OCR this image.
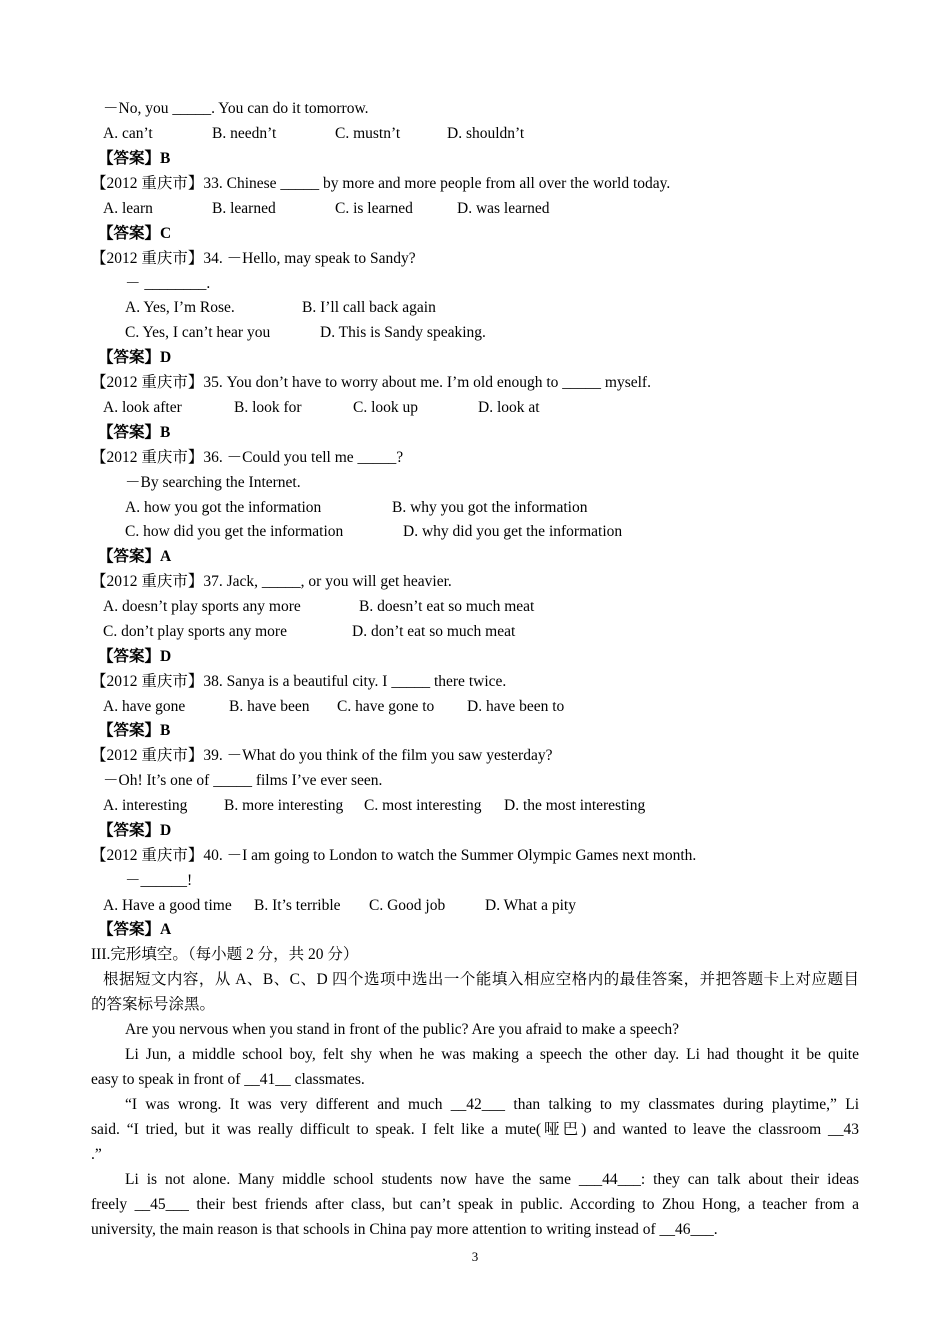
－No, you _____. You can do it tomorrow.

A. can’t	B. needn’t	C. mustn’t	D. shouldn’t

【答案】B

【2012 重庆市】33. Chinese _____ by more and more people from all over the world today.

A. learn	B. learned	C. is learned	D. was learned

【答案】C

【2012 重庆市】34. －Hello, may speak to Sandy?

－ ________.

A. Yes, I’m Rose.	B. I’ll call back again

C. Yes, I can’t hear you	D. This is Sandy speaking.

【答案】D

【2012 重庆市】35. You don’t have to worry about me. I’m old enough to _____ myself.

A. look after	B. look for	C. look up	D. look at

【答案】B

【2012 重庆市】36. －Could you tell me _____?

－By searching the Internet.

A. how you got the information	B. why you got the information

C. how did you get the information	D. why did you get the information

【答案】A

【2012 重庆市】37. Jack, _____, or you will get heavier.

A. doesn’t play sports any more	B. doesn’t eat so much meat

C. don’t play sports any more	D. don’t eat so much meat

【答案】D

【2012 重庆市】38. Sanya is a beautiful city. I _____ there twice.

A. have gone	B. have been C. have gone to D. have been to

【答案】B

【2012 重庆市】39. －What do you think of the film you saw yesterday?

－Oh! It’s one of _____ films I’ve ever seen.

A. interesting B. more interesting C. most interesting D. the most interesting

【答案】D

【2012 重庆市】40. －I am going to London to watch the Summer Olympic Games next month.

－______!

A. Have a good time B. It’s terrible C. Good job	D. What a pity

【答案】A

III.完形填空。（每小题 2 分，共 20 分）

根据短文内容，从 A、B、C、D 四个选项中选出一个能填入相应空格内的最佳答案，并把答题卡上对应题目

的答案标号涂黑。

Are you nervous when you stand in front of the public? Are you afraid to make a speech?

Li Jun, a middle school boy, felt shy when he was making a speech the other day. Li had thought it be quite

easy to speak in front of __41__ classmates.

“I was wrong. It was very different and much __42___ than talking to my classmates during playtime,” Li

said. “I tried, but it was really difficult to speak. I felt like a mute(哑巴) and wanted to leave the classroom __43

.”

Li is not alone. Many middle school students now have the same ___44___: they can talk about their ideas

freely __45___ their best friends after class, but can’t speak in public. According to Zhou Hong, a teacher from a

university, the main reason is that schools in China pay more attention to writing instead of __46___.

3
